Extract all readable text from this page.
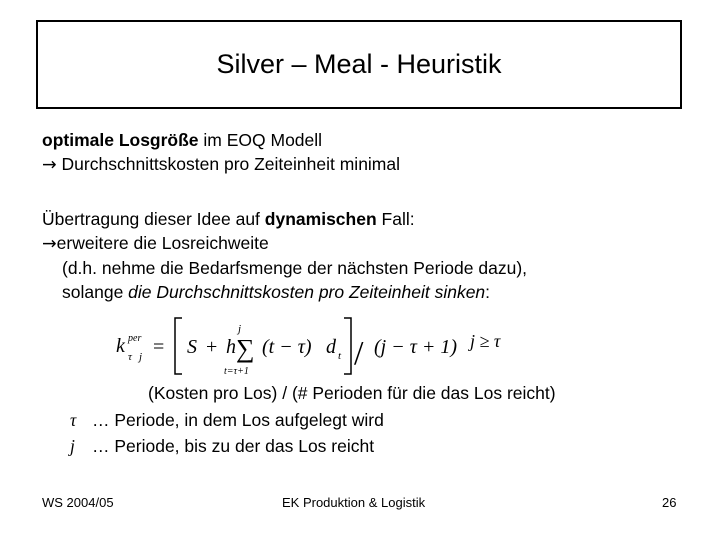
Silver – Meal - Heuristik
optimale Losgröße im EOQ Modell
→ Durchschnittskosten pro Zeiteinheit minimal
Übertragung dieser Idee auf dynamischen Fall:
→erweitere die Losreichweite
(d.h. nehme die Bedarfsmenge der nächsten Periode dazu),
solange die Durchschnittskosten pro Zeiteinheit sinken:
k per
τ j = S + h
j
∑
t=τ+1
(t − τ) d t / (j − τ + 1) j ≥ τ
(Kosten pro Los) / (# Perioden für die das Los reicht)
τ … Periode, in dem Los aufgelegt wird
j … Periode, bis zu der das Los reicht
WS 2004/05	EK Produktion & Logistik	26
